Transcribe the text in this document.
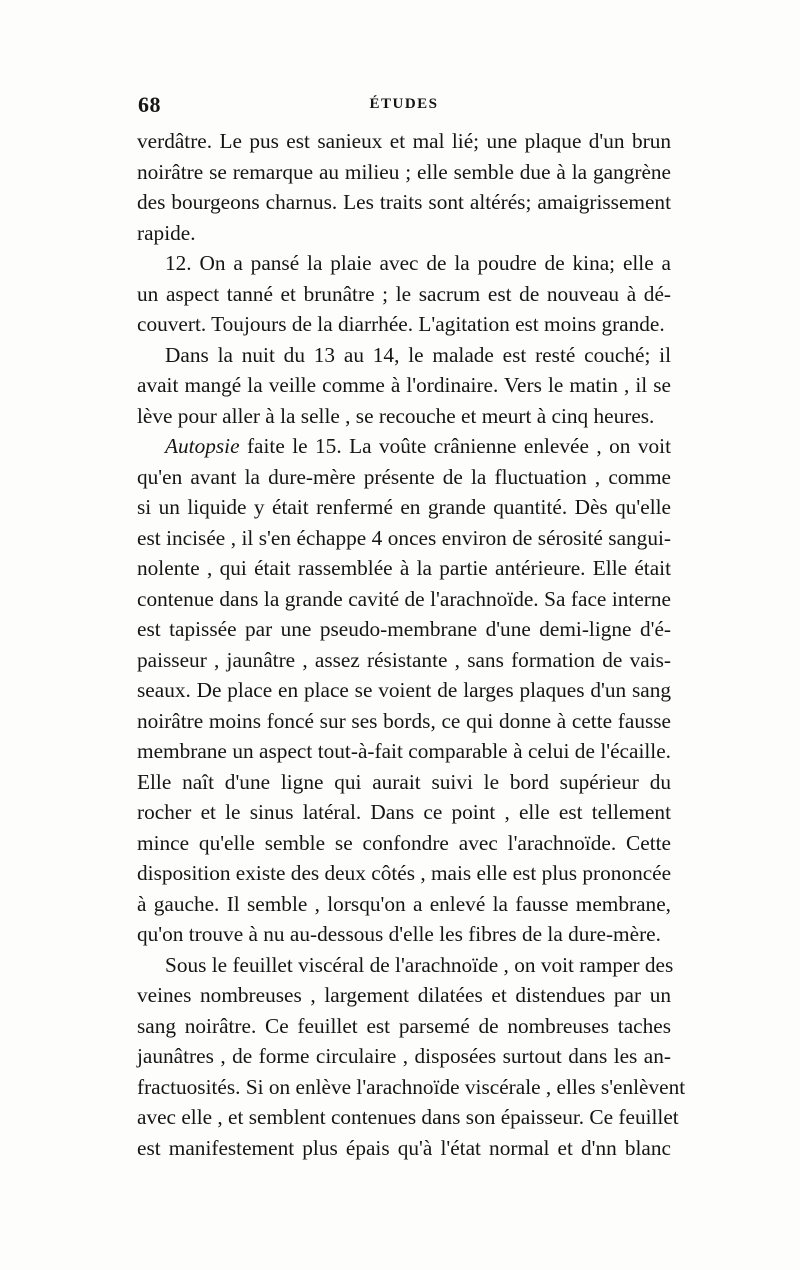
68	ÉTUDES
verdâtre. Le pus est sanieux et mal lié; une plaque d'un brun
noirâtre se remarque au milieu ; elle semble due à la gangrène
des bourgeons charnus. Les traits sont altérés; amaigrissement
rapide.
12. On a pansé la plaie avec de la poudre de kina; elle a
un aspect tanné et brunâtre ; le sacrum est de nouveau à dé-
couvert. Toujours de la diarrhée. L'agitation est moins grande.
Dans la nuit du 13 au 14, le malade est resté couché; il
avait mangé la veille comme à l'ordinaire. Vers le matin , il se
lève pour aller à la selle , se recouche et meurt à cinq heures.
Autopsie faite le 15. La voûte crânienne enlevée , on voit
qu'en avant la dure-mère présente de la fluctuation , comme
si un liquide y était renfermé en grande quantité. Dès qu'elle
est incisée , il s'en échappe 4 onces environ de sérosité sangui-
nolente , qui était rassemblée à la partie antérieure. Elle était
contenue dans la grande cavité de l'arachnoïde. Sa face interne
est tapissée par une pseudo-membrane d'une demi-ligne d'é-
paisseur , jaunâtre , assez résistante , sans formation de vais-
seaux. De place en place se voient de larges plaques d'un sang
noirâtre moins foncé sur ses bords, ce qui donne à cette fausse
membrane un aspect tout-à-fait comparable à celui de l'écaille.
Elle naît d'une ligne qui aurait suivi le bord supérieur du
rocher et le sinus latéral. Dans ce point , elle est tellement
mince qu'elle semble se confondre avec l'arachnoïde. Cette
disposition existe des deux côtés , mais elle est plus prononcée
à gauche. Il semble , lorsqu'on a enlevé la fausse membrane,
qu'on trouve à nu au-dessous d'elle les fibres de la dure-mère.
Sous le feuillet viscéral de l'arachnoïde , on voit ramper des
veines nombreuses , largement dilatées et distendues par un
sang noirâtre. Ce feuillet est parsemé de nombreuses taches
jaunâtres , de forme circulaire , disposées surtout dans les an-
fractuosités. Si on enlève l'arachnoïde viscérale , elles s'enlèvent
avec elle , et semblent contenues dans son épaisseur. Ce feuillet
est manifestement plus épais qu'à l'état normal et d'nn blanc
